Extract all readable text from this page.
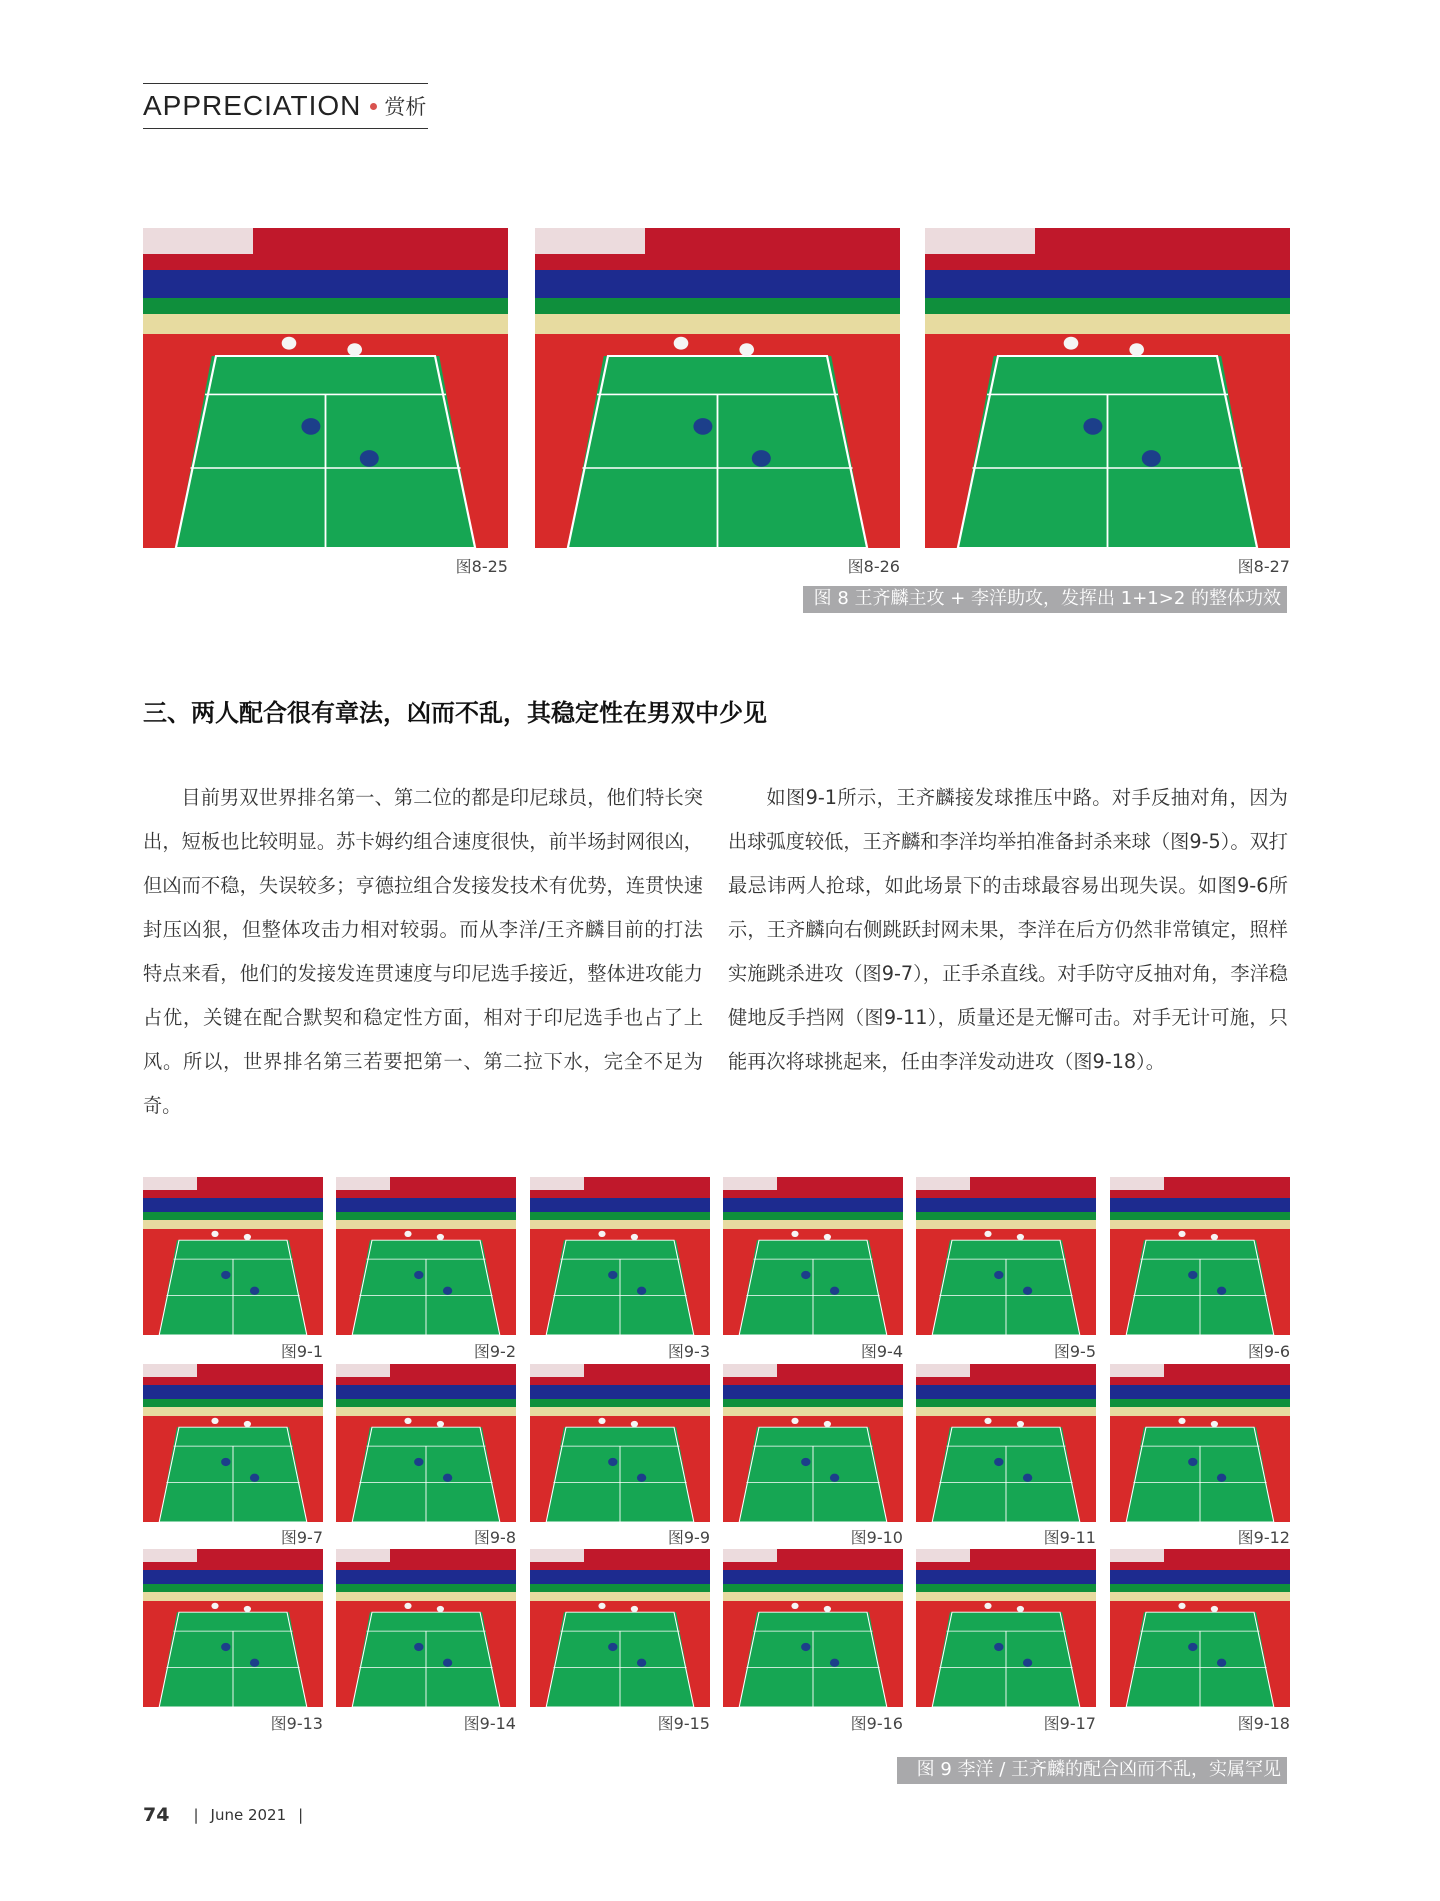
APPRECIATION 赏析
图 8 王齐麟主攻 + 李洋助攻，发挥出 1+1>2 的整体功效
三、两人配合很有章法，凶而不乱，其稳定性在男双中少见

目前男双世界排名第一、第二位的都是印尼球员，他们特长突出，短板也比较明显。苏卡姆约组合速度很快，前半场封网很凶，但凶而不稳，失误较多；亨德拉组合发接发技术有优势，连贯快速封压凶狠，但整体攻击力相对较弱。而从李洋/王齐麟目前的打法特点来看，他们的发接发连贯速度与印尼选手接近，整体进攻能力占优，关键在配合默契和稳定性方面，相对于印尼选手也占了上风。所以，世界排名第三若要把第一、第二拉下水，完全不足为奇。

如图9-1所示，王齐麟接发球推压中路。对手反抽对角，因为出球弧度较低，王齐麟和李洋均举拍准备封杀来球（图9-5）。双打最忌讳两人抢球，如此场景下的击球最容易出现失误。如图9-6所示，王齐麟向右侧跳跃封网未果，李洋在后方仍然非常镇定，照样实施跳杀进攻（图9-7），正手杀直线。对手防守反抽对角，李洋稳健地反手挡网（图9-11），质量还是无懈可击。对手无计可施，只能再次将球挑起来，任由李洋发动进攻（图9-18）。

图 9 李洋 / 王齐麟的配合凶而不乱，实属罕见
74 | June 2021 |
图8-25	图8-26	图8-27
图9-1	图9-2	图9-3	图9-4	图9-5	图9-6
图9-7	图9-8	图9-9	图9-10	图9-11	图9-12
图9-13	图9-14	图9-15	图9-16	图9-17	图9-18
